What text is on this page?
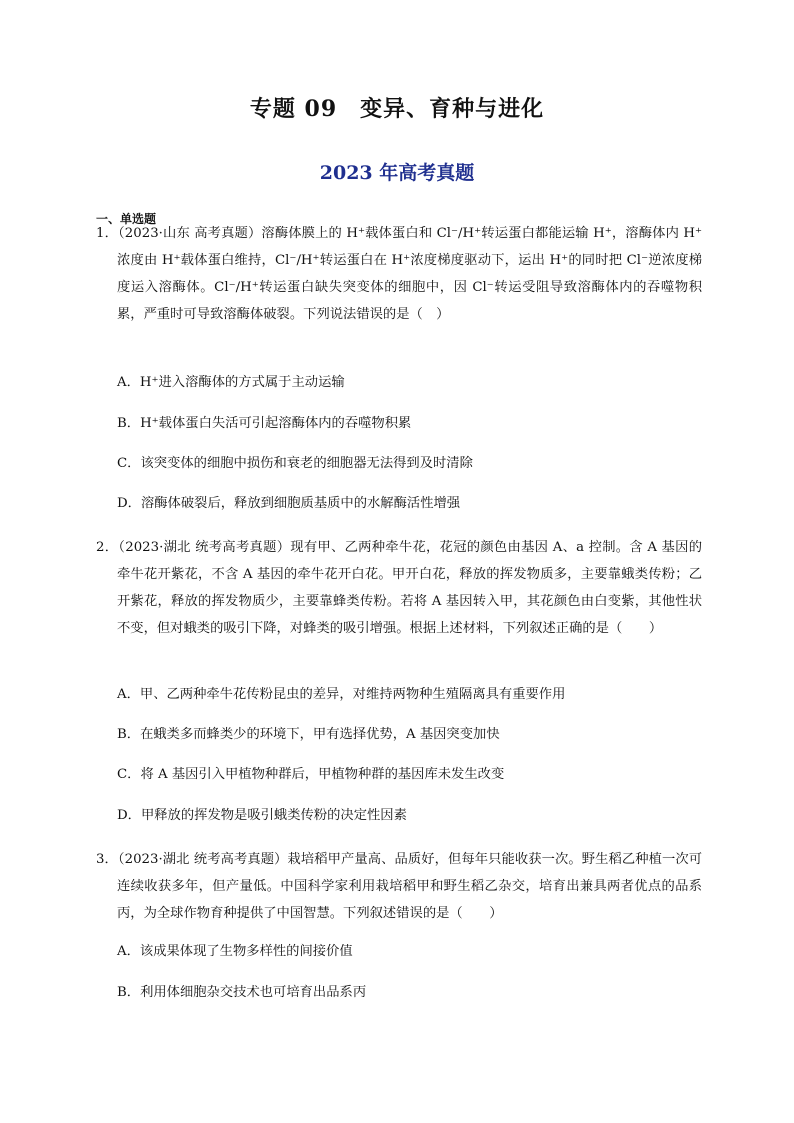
专题 09　变异、育种与进化
2023 年高考真题
一、单选题
1．（2023·山东 高考真题）溶酶体膜上的 H⁺载体蛋白和 Cl⁻/H⁺转运蛋白都能运输 H⁺，溶酶体内 H⁺浓度由 H⁺载体蛋白维持，Cl⁻/H⁺转运蛋白在 H⁺浓度梯度驱动下，运出 H⁺的同时把 Cl⁻逆浓度梯度运入溶酶体。Cl⁻/H⁺转运蛋白缺失突变体的细胞中，因 Cl⁻转运受阻导致溶酶体内的吞噬物积累，严重时可导致溶酶体破裂。下列说法错误的是（　）
A．H⁺进入溶酶体的方式属于主动运输
B．H⁺载体蛋白失活可引起溶酶体内的吞噬物积累
C．该突变体的细胞中损伤和衰老的细胞器无法得到及时清除
D．溶酶体破裂后，释放到细胞质基质中的水解酶活性增强
2．（2023·湖北 统考高考真题）现有甲、乙两种牵牛花，花冠的颜色由基因 A、a 控制。含 A 基因的牵牛花开紫花，不含 A 基因的牵牛花开白花。甲开白花，释放的挥发物质多，主要靠蛾类传粉；乙开紫花，释放的挥发物质少，主要靠蜂类传粉。若将 A 基因转入甲，其花颜色由白变紫，其他性状不变，但对蛾类的吸引下降，对蜂类的吸引增强。根据上述材料，下列叙述正确的是（　　）
A．甲、乙两种牵牛花传粉昆虫的差异，对维持两物种生殖隔离具有重要作用
B．在蛾类多而蜂类少的环境下，甲有选择优势，A 基因突变加快
C．将 A 基因引入甲植物种群后，甲植物种群的基因库未发生改变
D．甲释放的挥发物是吸引蛾类传粉的决定性因素
3．（2023·湖北 统考高考真题）栽培稻甲产量高、品质好，但每年只能收获一次。野生稻乙种植一次可连续收获多年，但产量低。中国科学家利用栽培稻甲和野生稻乙杂交，培育出兼具两者优点的品系丙，为全球作物育种提供了中国智慧。下列叙述错误的是（　　）
A．该成果体现了生物多样性的间接价值
B．利用体细胞杂交技术也可培育出品系丙
